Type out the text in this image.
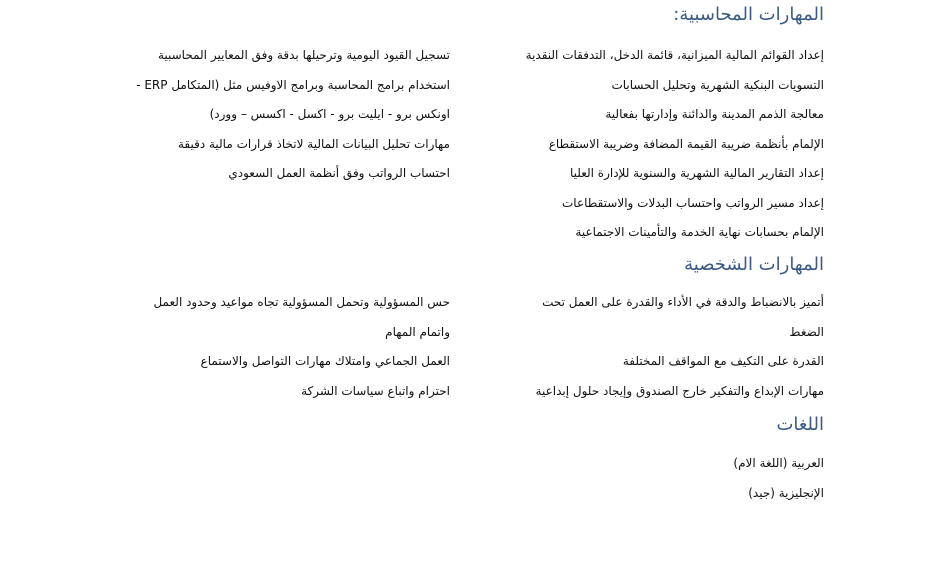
المهارات المحاسبية:
إعداد القوائم المالية الميزانية، قائمة الدخل، التدفقات النقدية
التسويات البنكية الشهرية وتحليل الحسابات
معالجة الذمم المدينة والدائنة وإدارتها بفعالية
الإلمام بأنظمة ضريبة القيمة المضافة وضريبة الاستقطاع
إعداد التقارير المالية الشهرية والسنوية للإدارة العليا
إعداد مسير الرواتب واحتساب البدلات والاستقطاعات
الإلمام بحسابات نهاية الخدمة والتأمينات الاجتماعية
تسجيل القيود اليومية وترحيلها بدقة وفق المعايير المحاسبية
استخدام برامج المحاسبة وبرامج الاوفيس مثل (المتكامل ERP -
اونكس برو - ايليت برو - اكسل - اكسس – وورد)
مهارات تحليل البيانات المالية لاتخاذ قرارات مالية دقيقة
احتساب الرواتب وفق أنظمة العمل السعودي
المهارات الشخصية
أتميز بالانضباط والدقة في الأداء والقدرة على العمل تحت
الضغط
القدرة على التكيف مع المواقف المختلفة
مهارات الإبداع والتفكير خارج الصندوق وإيجاد حلول إبداعية
حس المسؤولية وتحمل المسؤولية تجاه مواعيد وحدود العمل
واتمام المهام
العمل الجماعي وامتلاك مهارات التواصل والاستماع
احترام واتباع سياسات الشركة
اللغات
العربية (اللغة الام)
الإنجليزية (جيد)
